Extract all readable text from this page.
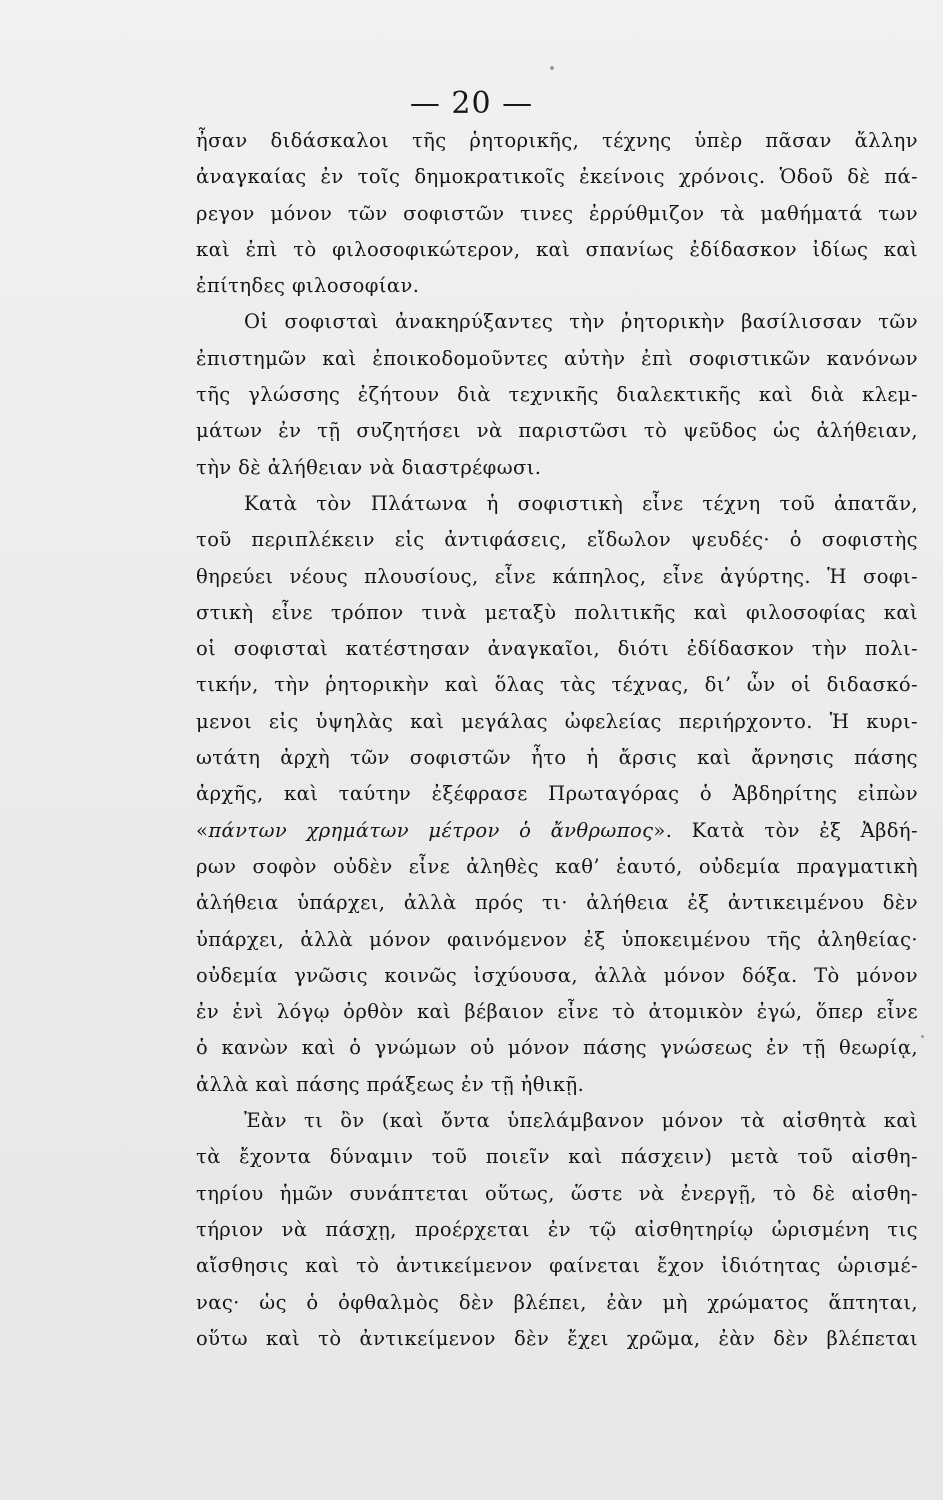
— 20 —
ἦσαν διδάσκαλοι τῆς ῥητορικῆς, τέχνης ὑπὲρ πᾶσαν ἄλλην
ἀναγκαίας ἐν τοῖς δημοκρατικοῖς ἐκείνοις χρόνοις. Ὁδοῦ δὲ πά-
ρεγον μόνον τῶν σοφιστῶν τινες ἐρρύθμιζον τὰ μαθήματά των
καὶ ἐπὶ τὸ φιλοσοφικώτερον, καὶ σπανίως ἐδίδασκον ἰδίως καὶ
ἐπίτηδες φιλοσοφίαν.
Οἱ σοφισταὶ ἀνακηρύξαντες τὴν ῥητορικὴν βασίλισσαν τῶν
ἐπιστημῶν καὶ ἐποικοδομοῦντες αὐτὴν ἐπὶ σοφιστικῶν κανόνων
τῆς γλώσσης ἐζήτουν διὰ τεχνικῆς διαλεκτικῆς καὶ διὰ κλεμ-
μάτων ἐν τῇ συζητήσει νὰ παριστῶσι τὸ ψεῦδος ὡς ἀλήθειαν,
τὴν δὲ ἀλήθειαν νὰ διαστρέφωσι.
Κατὰ τὸν Πλάτωνα ἡ σοφιστικὴ εἶνε τέχνη τοῦ ἀπατᾶν,
τοῦ περιπλέκειν εἰς ἀντιφάσεις, εἴδωλον ψευδές· ὁ σοφιστὴς
θηρεύει νέους πλουσίους, εἶνε κάπηλος, εἶνε ἀγύρτης. Ἡ σοφι-
στικὴ εἶνε τρόπον τινὰ μεταξὺ πολιτικῆς καὶ φιλοσοφίας καὶ
οἱ σοφισταὶ κατέστησαν ἀναγκαῖοι, διότι ἐδίδασκον τὴν πολι-
τικήν, τὴν ῥητορικὴν καὶ ὅλας τὰς τέχνας, δι’ ὧν οἱ διδασκό-
μενοι εἰς ὑψηλὰς καὶ μεγάλας ὠφελείας περιήρχοντο. Ἡ κυρι-
ωτάτη ἀρχὴ τῶν σοφιστῶν ἦτο ἡ ἄρσις καὶ ἄρνησις πάσης
ἀρχῆς, καὶ ταύτην ἐξέφρασε Πρωταγόρας ὁ Ἀβδηρίτης εἰπὼν
«πάντων χρημάτων μέτρον ὁ ἄνθρωπος». Κατὰ τὸν ἐξ Ἀβδή-
ρων σοφὸν οὐδὲν εἶνε ἀληθὲς καθ’ ἑαυτό, οὐδεμία πραγματικὴ
ἀλήθεια ὑπάρχει, ἀλλὰ πρός τι· ἀλήθεια ἐξ ἀντικειμένου δὲν
ὑπάρχει, ἀλλὰ μόνον φαινόμενον ἐξ ὑποκειμένου τῆς ἀληθείας·
οὐδεμία γνῶσις κοινῶς ἰσχύουσα, ἀλλὰ μόνον δόξα. Τὸ μόνον
ἐν ἑνὶ λόγῳ ὀρθὸν καὶ βέβαιον εἶνε τὸ ἀτομικὸν ἐγώ, ὅπερ εἶνε
ὁ κανὼν καὶ ὁ γνώμων οὐ μόνον πάσης γνώσεως ἐν τῇ θεωρίᾳ,
ἀλλὰ καὶ πάσης πράξεως ἐν τῇ ἠθικῇ.
Ἐὰν τι ὂν (καὶ ὄντα ὑπελάμβανον μόνον τὰ αἰσθητὰ καὶ
τὰ ἔχοντα δύναμιν τοῦ ποιεῖν καὶ πάσχειν) μετὰ τοῦ αἰσθη-
τηρίου ἡμῶν συνάπτεται οὕτως, ὥστε νὰ ἐνεργῇ, τὸ δὲ αἰσθη-
τήριον νὰ πάσχῃ, προέρχεται ἐν τῷ αἰσθητηρίῳ ὡρισμένη τις
αἴσθησις καὶ τὸ ἀντικείμενον φαίνεται ἔχον ἰδιότητας ὡρισμέ-
νας· ὡς ὁ ὀφθαλμὸς δὲν βλέπει, ἐὰν μὴ χρώματος ἅπτηται,
οὕτω καὶ τὸ ἀντικείμενον δὲν ἔχει χρῶμα, ἐὰν δὲν βλέπεται
